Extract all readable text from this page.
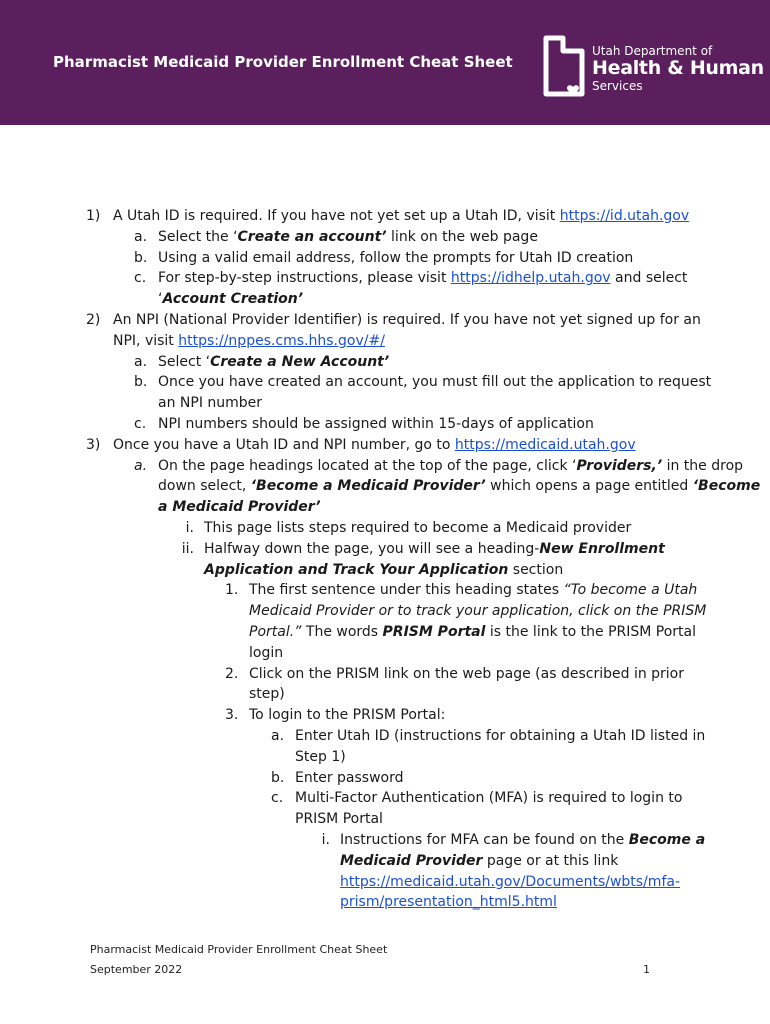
Pharmacist Medicaid Provider Enrollment Cheat Sheet
Utah Department of
Health & Human
Services
1) A Utah ID is required. If you have not yet set up a Utah ID, visit https://id.utah.gov
a. Select the ‘Create an account’ link on the web page
b. Using a valid email address, follow the prompts for Utah ID creation
c. For step-by-step instructions, please visit https://idhelp.utah.gov and select
‘Account Creation’
2) An NPI (National Provider Identifier) is required. If you have not yet signed up for an
NPI, visit https://nppes.cms.hhs.gov/#/
a. Select ‘Create a New Account’
b. Once you have created an account, you must fill out the application to request
an NPI number
c. NPI numbers should be assigned within 15-days of application
3) Once you have a Utah ID and NPI number, go to https://medicaid.utah.gov
a. On the page headings located at the top of the page, click ‘Providers,’ in the drop
down select, ‘Become a Medicaid Provider’ which opens a page entitled ‘Become
a Medicaid Provider’
i. This page lists steps required to become a Medicaid provider
ii. Halfway down the page, you will see a heading-New Enrollment
Application and Track Your Application section
1. The first sentence under this heading states “To become a Utah
Medicaid Provider or to track your application, click on the PRISM
Portal.” The words PRISM Portal is the link to the PRISM Portal
login
2. Click on the PRISM link on the web page (as described in prior
step)
3. To login to the PRISM Portal:
a. Enter Utah ID (instructions for obtaining a Utah ID listed in
Step 1)
b. Enter password
c. Multi-Factor Authentication (MFA) is required to login to
PRISM Portal
i. Instructions for MFA can be found on the Become a
Medicaid Provider page or at this link
https://medicaid.utah.gov/Documents/wbts/mfa-
prism/presentation_html5.html
Pharmacist Medicaid Provider Enrollment Cheat Sheet
September 2022	1
